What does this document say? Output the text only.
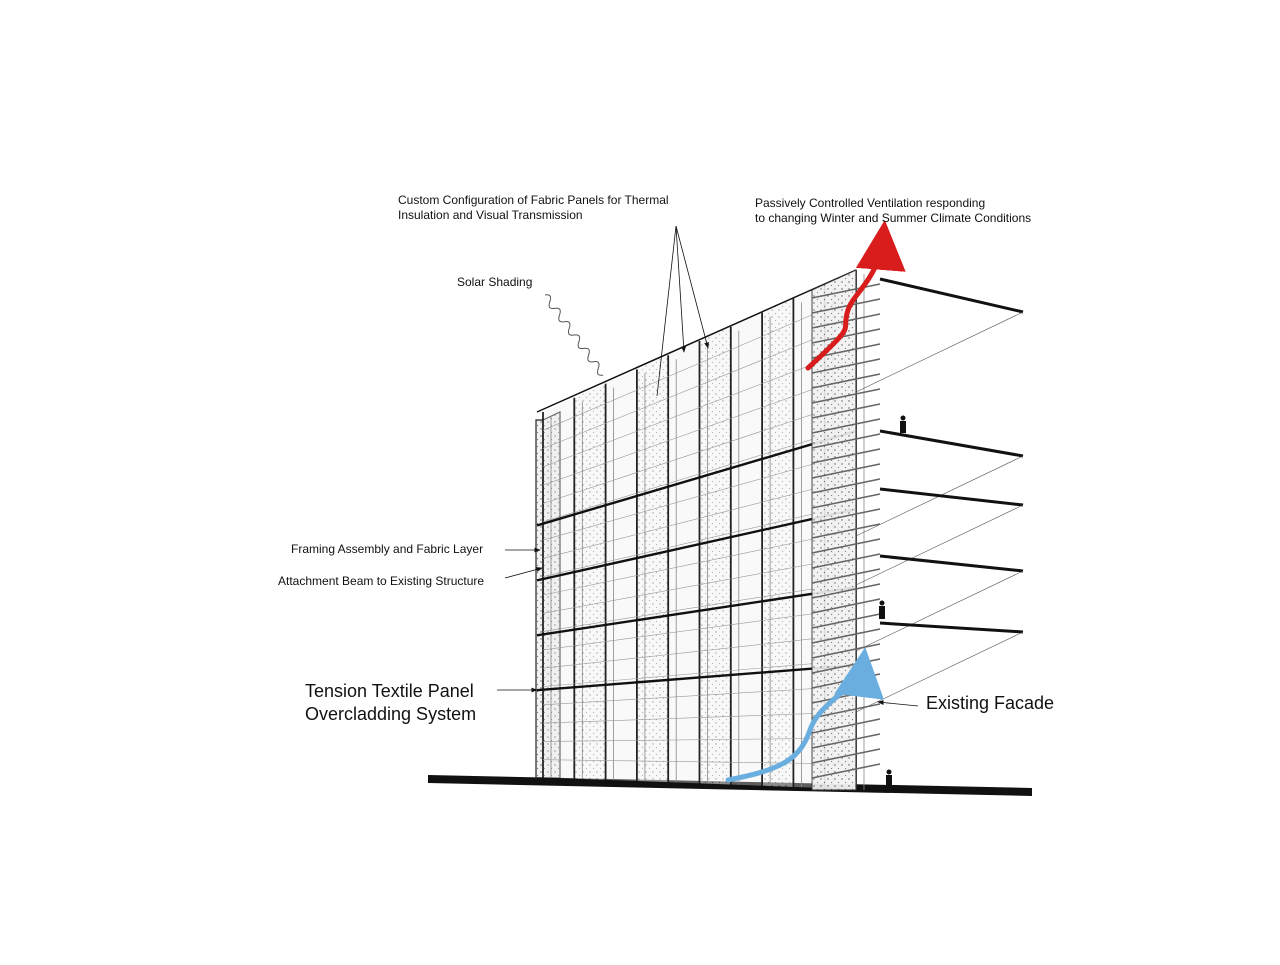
Custom Configuration of Fabric Panels for Thermal
Insulation and Visual Transmission
Passively Controlled Ventilation responding
to changing Winter and Summer Climate Conditions
Solar Shading
Framing Assembly and Fabric Layer
Attachment Beam to Existing Structure
Tension Textile Panel
Overcladding System
Existing Facade
